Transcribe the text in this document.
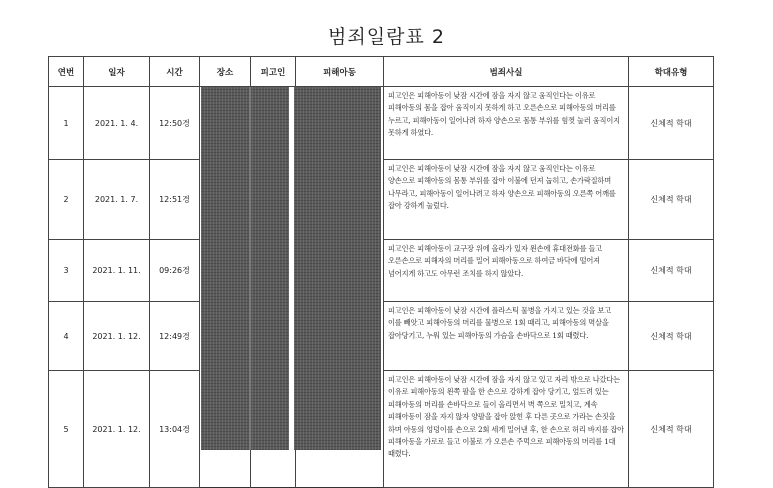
범죄일람표 2
연번	일자	시간	장소	피고인	피해아동	범죄사실	학대유형
1	2021. 1. 4.	12:50경				피고인은 피해아동이 낮잠 시간에 잠을 자지 않고 움직인다는 이유로 피해아동의 몸을 잡아 움직이지 못하게 하고 오른손으로 피해아동의 머리를 누르고, 피해아동이 일어나려 하자 양손으로 몸통 부위를 힘껏 눌러 움직이지 못하게 하였다.	신체적 학대
2	2021. 1. 7.	12:51경				피고인은 피해아동이 낮잠 시간에 잠을 자지 않고 움직인다는 이유로 양손으로 피해아동의 몸통 부위를 잡아 이불에 던져 눕히고, 손가락질하며 나무라고, 피해아동이 일어나려고 하자 양손으로 피해아동의 오른쪽 어깨를 잡아 강하게 눌렀다.	신체적 학대
3	2021. 1. 11.	09:26경				피고인은 피해아동이 교구장 위에 올라가 있자 왼손에 휴대전화를 들고 오른손으로 피해자의 머리를 밀어 피해아동으로 하여금 바닥에 떨어져 넘어지게 하고도 아무런 조치를 하지 않았다.	신체적 학대
4	2021. 1. 12.	12:49경				피고인은 피해아동이 낮잠 시간에 플라스틱 물병을 가지고 있는 것을 보고 이를 빼앗고 피해아동의 머리를 물병으로 1회 때리고, 피해아동의 멱살을 잡아당기고, 누워 있는 피해아동의 가슴을 손바닥으로 1회 때렸다.	신체적 학대
5	2021. 1. 12.	13:04경				피고인은 피해아동이 낮잠 시간에 잠을 자지 않고 있고 자리 밖으로 나갔다는 이유로 피해아동의 왼쪽 팔을 한 손으로 강하게 잡아 당기고, 엎드려 있는 피해아동의 머리를 손바닥으로 들이 올리면서 벽 쪽으로 밀치고, 계속 피해아동이 잠을 자지 않자 양팔을 잡아 앉힌 후 다른 곳으로 가라는 손짓을 하며 아동의 엉덩이를 손으로 2회 세게 밀어낸 후, 한 손으로 허리 바지를 잡아 피해아동을 가로로 들고 이불로 가 오른손 주먹으로 피해아동의 머리를 1대 때렸다.	신체적 학대
